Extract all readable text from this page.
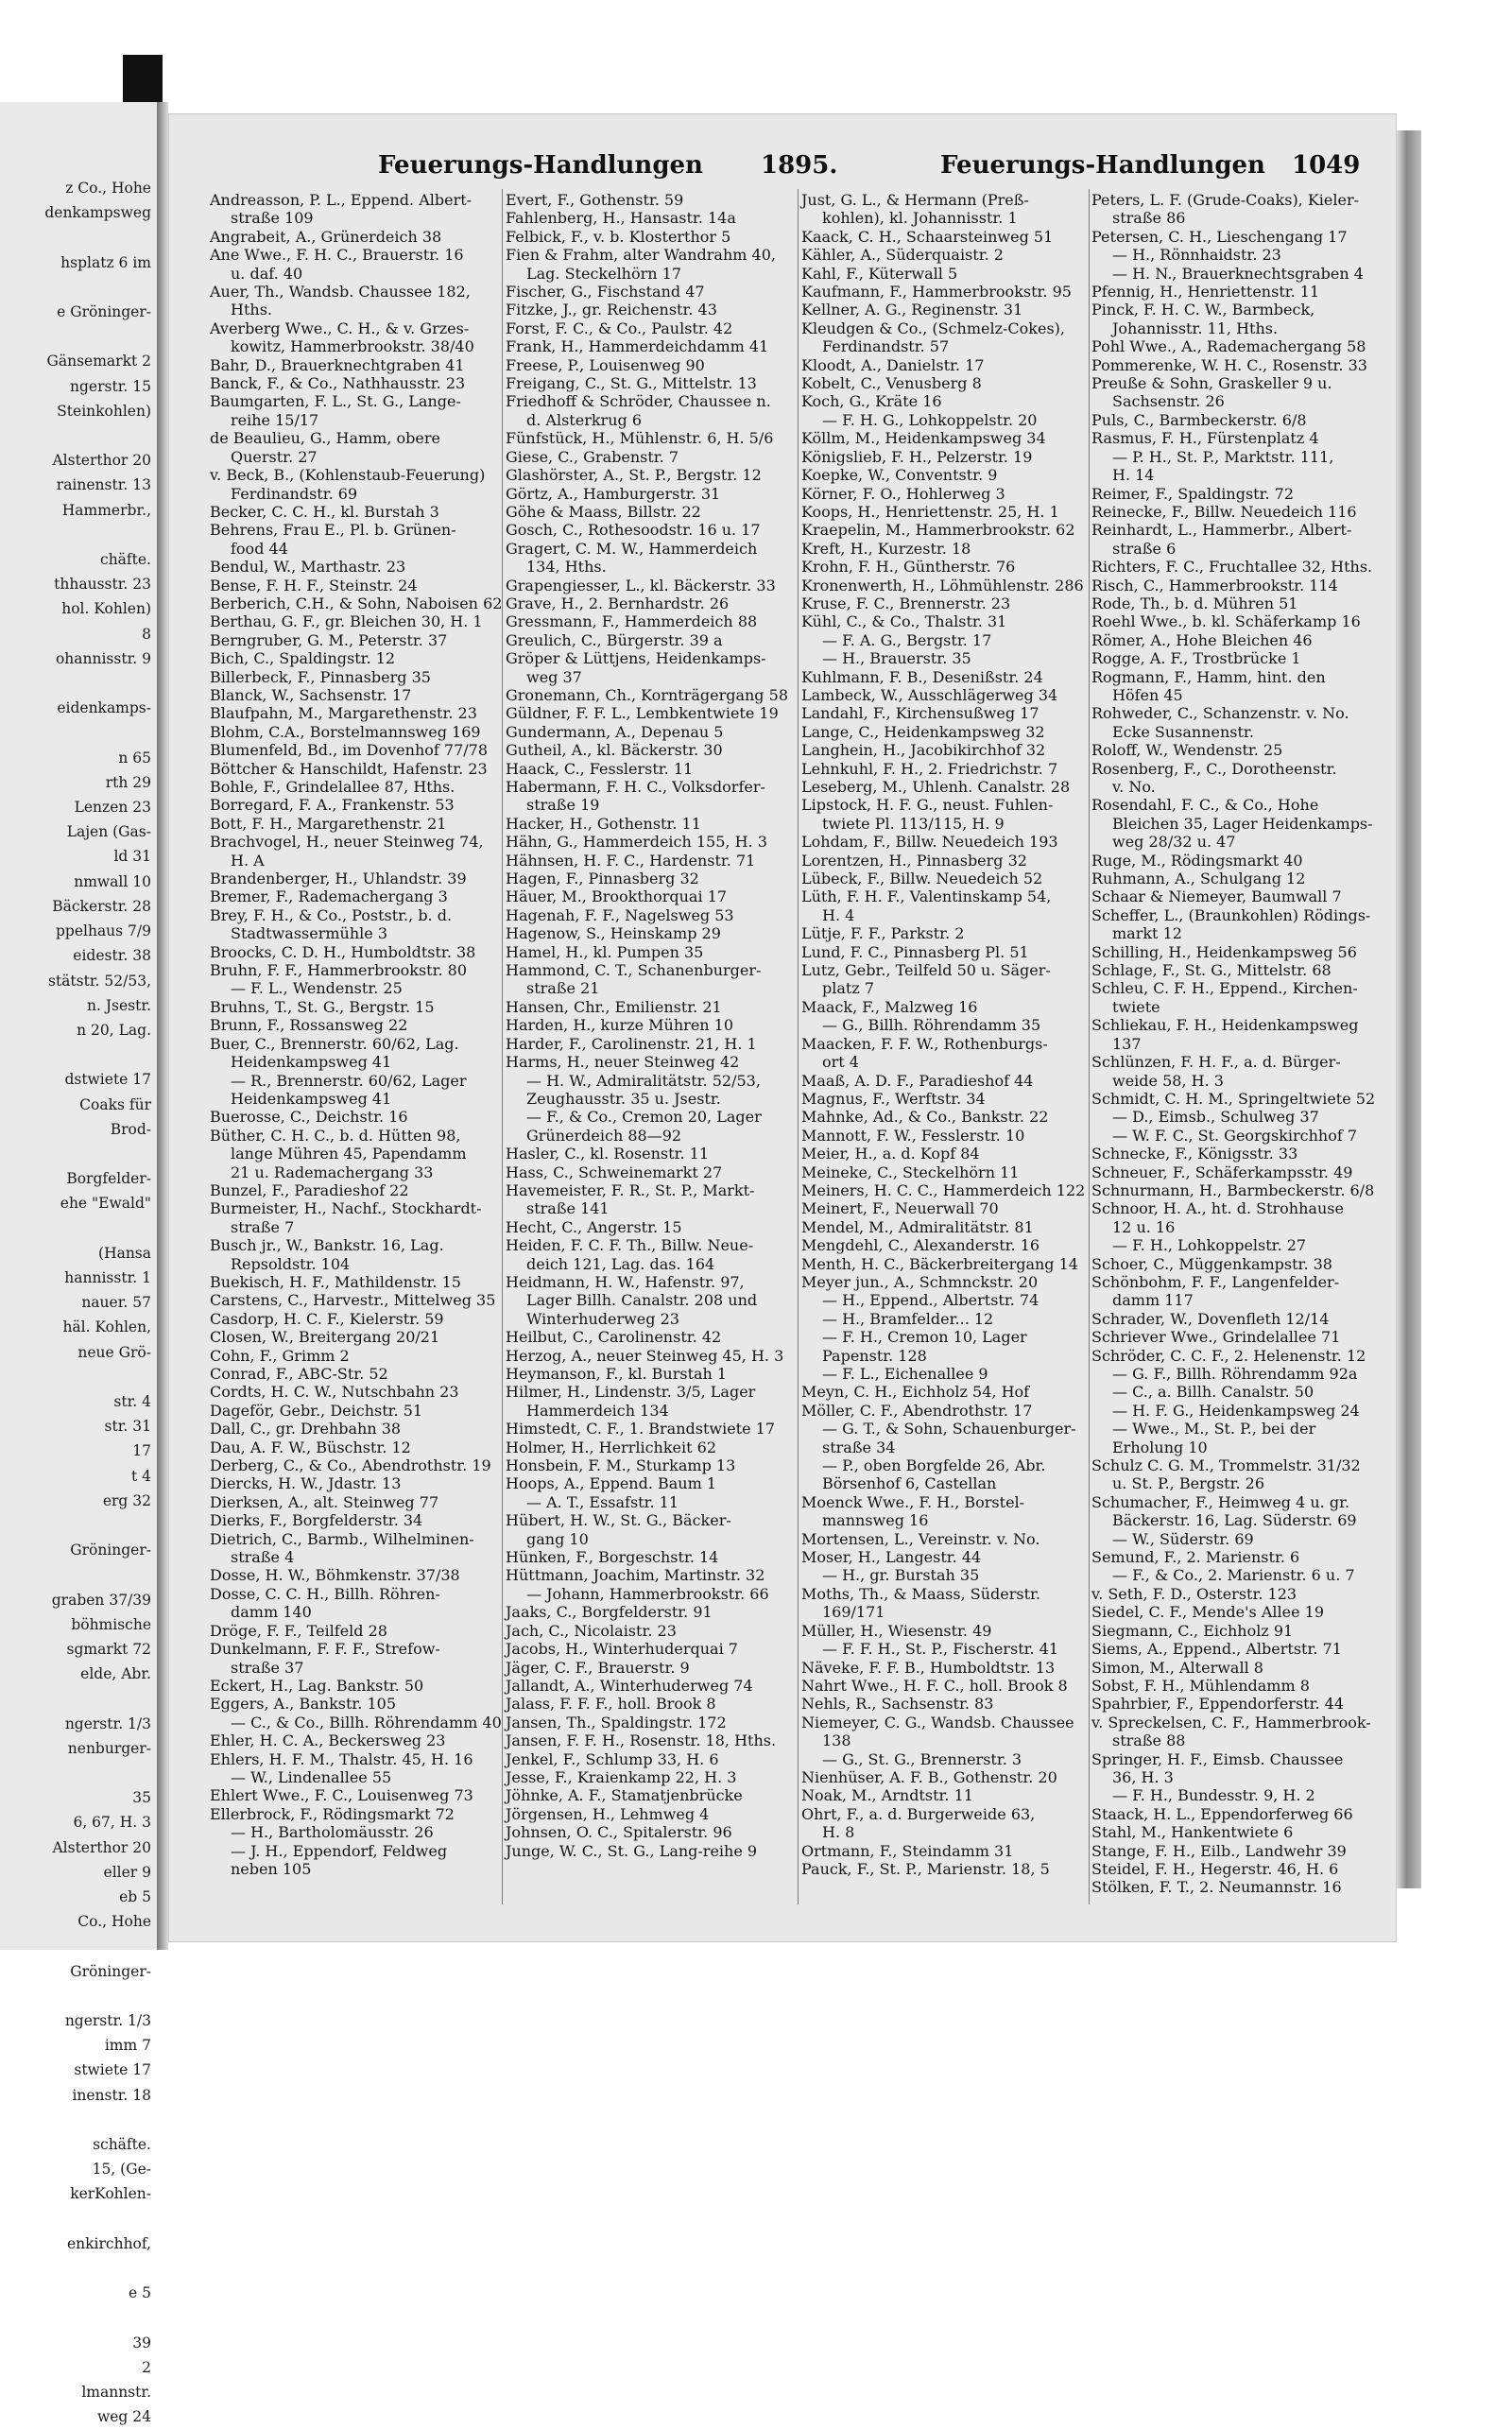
z Co., Hohe
denkampsweg

hsplatz 6 im

e Gröninger-

Gänsemarkt 2
ngerstr. 15
Steinkohlen)

Alsterthor 20
rainenstr. 13
Hammerbr.,

chäfte.
thhausstr. 23
hol. Kohlen)
8
ohannisstr. 9

eidenkamps-

n 65
rth 29
Lenzen 23
Lajen (Gas-
ld 31
nmwall 10
Bäckerstr. 28
ppelhaus 7/9
eidestr. 38
stätstr. 52/53,
n. Jsestr.
n 20, Lag.

dstwiete 17
Coaks für
Brod-

Borgfelder-
ehe "Ewald"

(Hansa
hannisstr. 1
nauer. 57
häl. Kohlen,
neue Grö-

str. 4
str. 31
17
t 4
erg 32

Gröninger-

graben 37/39
böhmische
sgmarkt 72
elde, Abr.

ngerstr. 1/3
nenburger-

35
6, 67, H. 3
Alsterthor 20
eller 9
eb 5
Co., Hohe

Gröninger-

ngerstr. 1/3
imm 7
stwiete 17
inenstr. 18

schäfte.
15, (Ge-
kerKohlen-

enkirchhof,

e 5

39
2
lmannstr.
weg 24
Feuerungs-Handlungen 1895.	Feuerungs-Handlungen 1049
Andreasson, P. L., Eppend. Albert-
straße 109
Angrabeit, A., Grünerdeich 38
Ane Wwe., F. H. C., Brauerstr. 16
u. daf. 40
Auer, Th., Wandsb. Chaussee 182,
Hths.
Averberg Wwe., C. H., & v. Grzes-
kowitz, Hammerbrookstr. 38/40
Bahr, D., Brauerknechtgraben 41
Banck, F., & Co., Nathhausstr. 23
Baumgarten, F. L., St. G., Lange-
reihe 15/17
de Beaulieu, G., Hamm, obere
Querstr. 27
v. Beck, B., (Kohlenstaub-Feuerung)
Ferdinandstr. 69
Becker, C. C. H., kl. Burstah 3
Behrens, Frau E., Pl. b. Grünen-
food 44
Bendul, W., Marthastr. 23
Bense, F. H. F., Steinstr. 24
Berberich, C.H., & Sohn, Naboisen 62
Berthau, G. F., gr. Bleichen 30, H. 1
Berngruber, G. M., Peterstr. 37
Bich, C., Spaldingstr. 12
Billerbeck, F., Pinnasberg 35
Blanck, W., Sachsenstr. 17
Blaufpahn, M., Margarethenstr. 23
Blohm, C.A., Borstelmannsweg 169
Blumenfeld, Bd., im Dovenhof 77/78
Böttcher & Hanschildt, Hafenstr. 23
Bohle, F., Grindelallee 87, Hths.
Borregard, F. A., Frankenstr. 53
Bott, F. H., Margarethenstr. 21
Brachvogel, H., neuer Steinweg 74,
H. A
Brandenberger, H., Uhlandstr. 39
Bremer, F., Rademachergang 3
Brey, F. H., & Co., Poststr., b. d.
Stadtwassermühle 3
Broocks, C. D. H., Humboldtstr. 38
Bruhn, F. F., Hammerbrookstr. 80
— F. L., Wendenstr. 25
Bruhns, T., St. G., Bergstr. 15
Brunn, F., Rossansweg 22
Buer, C., Brennerstr. 60/62, Lag.
Heidenkampsweg 41
— R., Brennerstr. 60/62, Lager
Heidenkampsweg 41
Buerosse, C., Deichstr. 16
Büther, C. H. C., b. d. Hütten 98,
lange Mühren 45, Papendamm
21 u. Rademachergang 33
Bunzel, F., Paradieshof 22
Burmeister, H., Nachf., Stockhardt-
straße 7
Busch jr., W., Bankstr. 16, Lag.
Repsoldstr. 104
Buekisch, H. F., Mathildenstr. 15
Carstens, C., Harvestr., Mittelweg 35
Casdorp, H. C. F., Kielerstr. 59
Closen, W., Breitergang 20/21
Cohn, F., Grimm 2
Conrad, F., ABC-Str. 52
Cordts, H. C. W., Nutschbahn 23
Dageför, Gebr., Deichstr. 51
Dall, C., gr. Drehbahn 38
Dau, A. F. W., Büschstr. 12
Derberg, C., & Co., Abendrothstr. 19
Diercks, H. W., Jdastr. 13
Dierksen, A., alt. Steinweg 77
Dierks, F., Borgfelderstr. 34
Dietrich, C., Barmb., Wilhelminen-
straße 4
Dosse, H. W., Böhmkenstr. 37/38
Dosse, C. C. H., Billh. Röhren-
damm 140
Dröge, F. F., Teilfeld 28
Dunkelmann, F. F. F., Strefow-
straße 37
Eckert, H., Lag. Bankstr. 50
Eggers, A., Bankstr. 105
— C., & Co., Billh. Röhrendamm 40
Ehler, H. C. A., Beckersweg 23
Ehlers, H. F. M., Thalstr. 45, H. 16
— W., Lindenallee 55
Ehlert Wwe., F. C., Louisenweg 73
Ellerbrock, F., Rödingsmarkt 72
— H., Bartholomäusstr. 26
— J. H., Eppendorf, Feldweg
neben 105
Evert, F., Gothenstr. 59
Fahlenberg, H., Hansastr. 14a
Felbick, F., v. b. Klosterthor 5
Fien & Frahm, alter Wandrahm 40,
Lag. Steckelhörn 17
Fischer, G., Fischstand 47
Fitzke, J., gr. Reichenstr. 43
Forst, F. C., & Co., Paulstr. 42
Frank, H., Hammerdeichdamm 41
Freese, P., Louisenweg 90
Freigang, C., St. G., Mittelstr. 13
Friedhoff & Schröder, Chaussee n.
d. Alsterkrug 6
Fünfstück, H., Mühlenstr. 6, H. 5/6
Giese, C., Grabenstr. 7
Glashörster, A., St. P., Bergstr. 12
Görtz, A., Hamburgerstr. 31
Göhe & Maass, Billstr. 22
Gosch, C., Rothesoodstr. 16 u. 17
Gragert, C. M. W., Hammerdeich
134, Hths.
Grapengiesser, L., kl. Bäckerstr. 33
Grave, H., 2. Bernhardstr. 26
Gressmann, F., Hammerdeich 88
Greulich, C., Bürgerstr. 39 a
Gröper & Lüttjens, Heidenkamps-
weg 37
Gronemann, Ch., Kornträgergang 58
Güldner, F. F. L., Lembkentwiete 19
Gundermann, A., Depenau 5
Gutheil, A., kl. Bäckerstr. 30
Haack, C., Fesslerstr. 11
Habermann, F. H. C., Volksdorfer-
straße 19
Hacker, H., Gothenstr. 11
Hähn, G., Hammerdeich 155, H. 3
Hähnsen, H. F. C., Hardenstr. 71
Hagen, F., Pinnasberg 32
Häuer, M., Brookthorquai 17
Hagenah, F. F., Nagelsweg 53
Hagenow, S., Heinskamp 29
Hamel, H., kl. Pumpen 35
Hammond, C. T., Schanenburger-
straße 21
Hansen, Chr., Emilienstr. 21
Harden, H., kurze Mühren 10
Harder, F., Carolinenstr. 21, H. 1
Harms, H., neuer Steinweg 42
— H. W., Admiralitätstr. 52/53,
Zeughausstr. 35 u. Jsestr.
— F., & Co., Cremon 20, Lager
Grünerdeich 88—92
Hasler, C., kl. Rosenstr. 11
Hass, C., Schweinemarkt 27
Havemeister, F. R., St. P., Markt-
straße 141
Hecht, C., Angerstr. 15
Heiden, F. C. F. Th., Billw. Neue-
deich 121, Lag. das. 164
Heidmann, H. W., Hafenstr. 97,
Lager Billh. Canalstr. 208 und
Winterhuderweg 23
Heilbut, C., Carolinenstr. 42
Herzog, A., neuer Steinweg 45, H. 3
Heymanson, F., kl. Burstah 1
Hilmer, H., Lindenstr. 3/5, Lager
Hammerdeich 134
Himstedt, C. F., 1. Brandstwiete 17
Holmer, H., Herrlichkeit 62
Honsbein, F. M., Sturkamp 13
Hoops, A., Eppend. Baum 1
— A. T., Essafstr. 11
Hübert, H. W., St. G., Bäcker-
gang 10
Hünken, F., Borgeschstr. 14
Hüttmann, Joachim, Martinstr. 32
— Johann, Hammerbrookstr. 66
Jaaks, C., Borgfelderstr. 91
Jach, C., Nicolaistr. 23
Jacobs, H., Winterhuderquai 7
Jäger, C. F., Brauerstr. 9
Jallandt, A., Winterhuderweg 74
Jalass, F. F. F., holl. Brook 8
Jansen, Th., Spaldingstr. 172
Jansen, F. F. H., Rosenstr. 18, Hths.
Jenkel, F., Schlump 33, H. 6
Jesse, F., Kraienkamp 22, H. 3
Jöhnke, A. F., Stamatjenbrücke
Jörgensen, H., Lehmweg 4
Johnsen, O. C., Spitalerstr. 96
Junge, W. C., St. G., Lang-reihe 9
Just, G. L., & Hermann (Preß-
kohlen), kl. Johannisstr. 1
Kaack, C. H., Schaarsteinweg 51
Kähler, A., Süderquaistr. 2
Kahl, F., Küterwall 5
Kaufmann, F., Hammerbrookstr. 95
Kellner, A. G., Reginenstr. 31
Kleudgen & Co., (Schmelz-Cokes),
Ferdinandstr. 57
Kloodt, A., Danielstr. 17
Kobelt, C., Venusberg 8
Koch, G., Kräte 16
— F. H. G., Lohkoppelstr. 20
Köllm, M., Heidenkampsweg 34
Königslieb, F. H., Pelzerstr. 19
Koepke, W., Conventstr. 9
Körner, F. O., Hohlerweg 3
Koops, H., Henriettenstr. 25, H. 1
Kraepelin, M., Hammerbrookstr. 62
Kreft, H., Kurzestr. 18
Krohn, F. H., Güntherstr. 76
Kronenwerth, H., Löhmühlenstr. 286
Kruse, F. C., Brennerstr. 23
Kühl, C., & Co., Thalstr. 31
— F. A. G., Bergstr. 17
— H., Brauerstr. 35
Kuhlmann, F. B., Desenißstr. 24
Lambeck, W., Ausschlägerweg 34
Landahl, F., Kirchensußweg 17
Lange, C., Heidenkampsweg 32
Langhein, H., Jacobikirchhof 32
Lehnkuhl, F. H., 2. Friedrichstr. 7
Leseberg, M., Uhlenh. Canalstr. 28
Lipstock, H. F. G., neust. Fuhlen-
twiete Pl. 113/115, H. 9
Lohdam, F., Billw. Neuedeich 193
Lorentzen, H., Pinnasberg 32
Lübeck, F., Billw. Neuedeich 52
Lüth, F. H. F., Valentinskamp 54,
H. 4
Lütje, F. F., Parkstr. 2
Lund, F. C., Pinnasberg Pl. 51
Lutz, Gebr., Teilfeld 50 u. Säger-
platz 7
Maack, F., Malzweg 16
— G., Billh. Röhrendamm 35
Maacken, F. F. W., Rothenburgs-
ort 4
Maaß, A. D. F., Paradieshof 44
Magnus, F., Werftstr. 34
Mahnke, Ad., & Co., Bankstr. 22
Mannott, F. W., Fesslerstr. 10
Meier, H., a. d. Kopf 84
Meineke, C., Steckelhörn 11
Meiners, H. C. C., Hammerdeich 122
Meinert, F., Neuerwall 70
Mendel, M., Admiralitätstr. 81
Mengdehl, C., Alexanderstr. 16
Menth, H. C., Bäckerbreitergang 14
Meyer jun., A., Schmnckstr. 20
— H., Eppend., Albertstr. 74
— H., Bramfelder... 12
— F. H., Cremon 10, Lager
Papenstr. 128
— F. L., Eichenallee 9
Meyn, C. H., Eichholz 54, Hof
Möller, C. F., Abendrothstr. 17
— G. T., & Sohn, Schauenburger-
straße 34
— P., oben Borgfelde 26, Abr.
Börsenhof 6, Castellan
Moenck Wwe., F. H., Borstel-
mannsweg 16
Mortensen, L., Vereinstr. v. No.
Moser, H., Langestr. 44
— H., gr. Burstah 35
Moths, Th., & Maass, Süderstr.
169/171
Müller, H., Wiesenstr. 49
— F. F. H., St. P., Fischerstr. 41
Näveke, F. F. B., Humboldtstr. 13
Nahrt Wwe., H. F. C., holl. Brook 8
Nehls, R., Sachsenstr. 83
Niemeyer, C. G., Wandsb. Chaussee
138
— G., St. G., Brennerstr. 3
Nienhüser, A. F. B., Gothenstr. 20
Noak, M., Arndtstr. 11
Ohrt, F., a. d. Burgerweide 63,
H. 8
Ortmann, F., Steindamm 31
Pauck, F., St. P., Marienstr. 18, 5
Peters, L. F. (Grude-Coaks), Kieler-
straße 86
Petersen, C. H., Lieschengang 17
— H., Rönnhaidstr. 23
— H. N., Brauerknechtsgraben 4
Pfennig, H., Henriettenstr. 11
Pinck, F. H. C. W., Barmbeck,
Johannisstr. 11, Hths.
Pohl Wwe., A., Rademachergang 58
Pommerenke, W. H. C., Rosenstr. 33
Preuße & Sohn, Graskeller 9 u.
Sachsenstr. 26
Puls, C., Barmbeckerstr. 6/8
Rasmus, F. H., Fürstenplatz 4
— P. H., St. P., Marktstr. 111,
H. 14
Reimer, F., Spaldingstr. 72
Reinecke, F., Billw. Neuedeich 116
Reinhardt, L., Hammerbr., Albert-
straße 6
Richters, F. C., Fruchtallee 32, Hths.
Risch, C., Hammerbrookstr. 114
Rode, Th., b. d. Mühren 51
Roehl Wwe., b. kl. Schäferkamp 16
Römer, A., Hohe Bleichen 46
Rogge, A. F., Trostbrücke 1
Rogmann, F., Hamm, hint. den
Höfen 45
Rohweder, C., Schanzenstr. v. No.
Ecke Susannenstr.
Roloff, W., Wendenstr. 25
Rosenberg, F., C., Dorotheenstr.
v. No.
Rosendahl, F. C., & Co., Hohe
Bleichen 35, Lager Heidenkamps-
weg 28/32 u. 47
Ruge, M., Rödingsmarkt 40
Ruhmann, A., Schulgang 12
Schaar & Niemeyer, Baumwall 7
Scheffer, L., (Braunkohlen) Rödings-
markt 12
Schilling, H., Heidenkampsweg 56
Schlage, F., St. G., Mittelstr. 68
Schleu, C. F. H., Eppend., Kirchen-
twiete
Schliekau, F. H., Heidenkampsweg
137
Schlünzen, F. H. F., a. d. Bürger-
weide 58, H. 3
Schmidt, C. H. M., Springeltwiete 52
— D., Eimsb., Schulweg 37
— W. F. C., St. Georgskirchhof 7
Schnecke, F., Königsstr. 33
Schneuer, F., Schäferkampsstr. 49
Schnurmann, H., Barmbeckerstr. 6/8
Schnoor, H. A., ht. d. Strohhause
12 u. 16
— F. H., Lohkoppelstr. 27
Schoer, C., Müggenkampstr. 38
Schönbohm, F. F., Langenfelder-
damm 117
Schrader, W., Dovenfleth 12/14
Schriever Wwe., Grindelallee 71
Schröder, C. C. F., 2. Helenenstr. 12
— G. F., Billh. Röhrendamm 92a
— C., a. Billh. Canalstr. 50
— H. F. G., Heidenkampsweg 24
— Wwe., M., St. P., bei der
Erholung 10
Schulz C. G. M., Trommelstr. 31/32
u. St. P., Bergstr. 26
Schumacher, F., Heimweg 4 u. gr.
Bäckerstr. 16, Lag. Süderstr. 69
— W., Süderstr. 69
Semund, F., 2. Marienstr. 6
— F., & Co., 2. Marienstr. 6 u. 7
v. Seth, F. D., Osterstr. 123
Siedel, C. F., Mende's Allee 19
Siegmann, C., Eichholz 91
Siems, A., Eppend., Albertstr. 71
Simon, M., Alterwall 8
Sobst, F. H., Mühlendamm 8
Spahrbier, F., Eppendorferstr. 44
v. Spreckelsen, C. F., Hammerbrook-
straße 88
Springer, H. F., Eimsb. Chaussee
36, H. 3
— F. H., Bundesstr. 9, H. 2
Staack, H. L., Eppendorferweg 66
Stahl, M., Hankentwiete 6
Stange, F. H., Eilb., Landwehr 39
Steidel, F. H., Hegerstr. 46, H. 6
Stölken, F. T., 2. Neumannstr. 16
